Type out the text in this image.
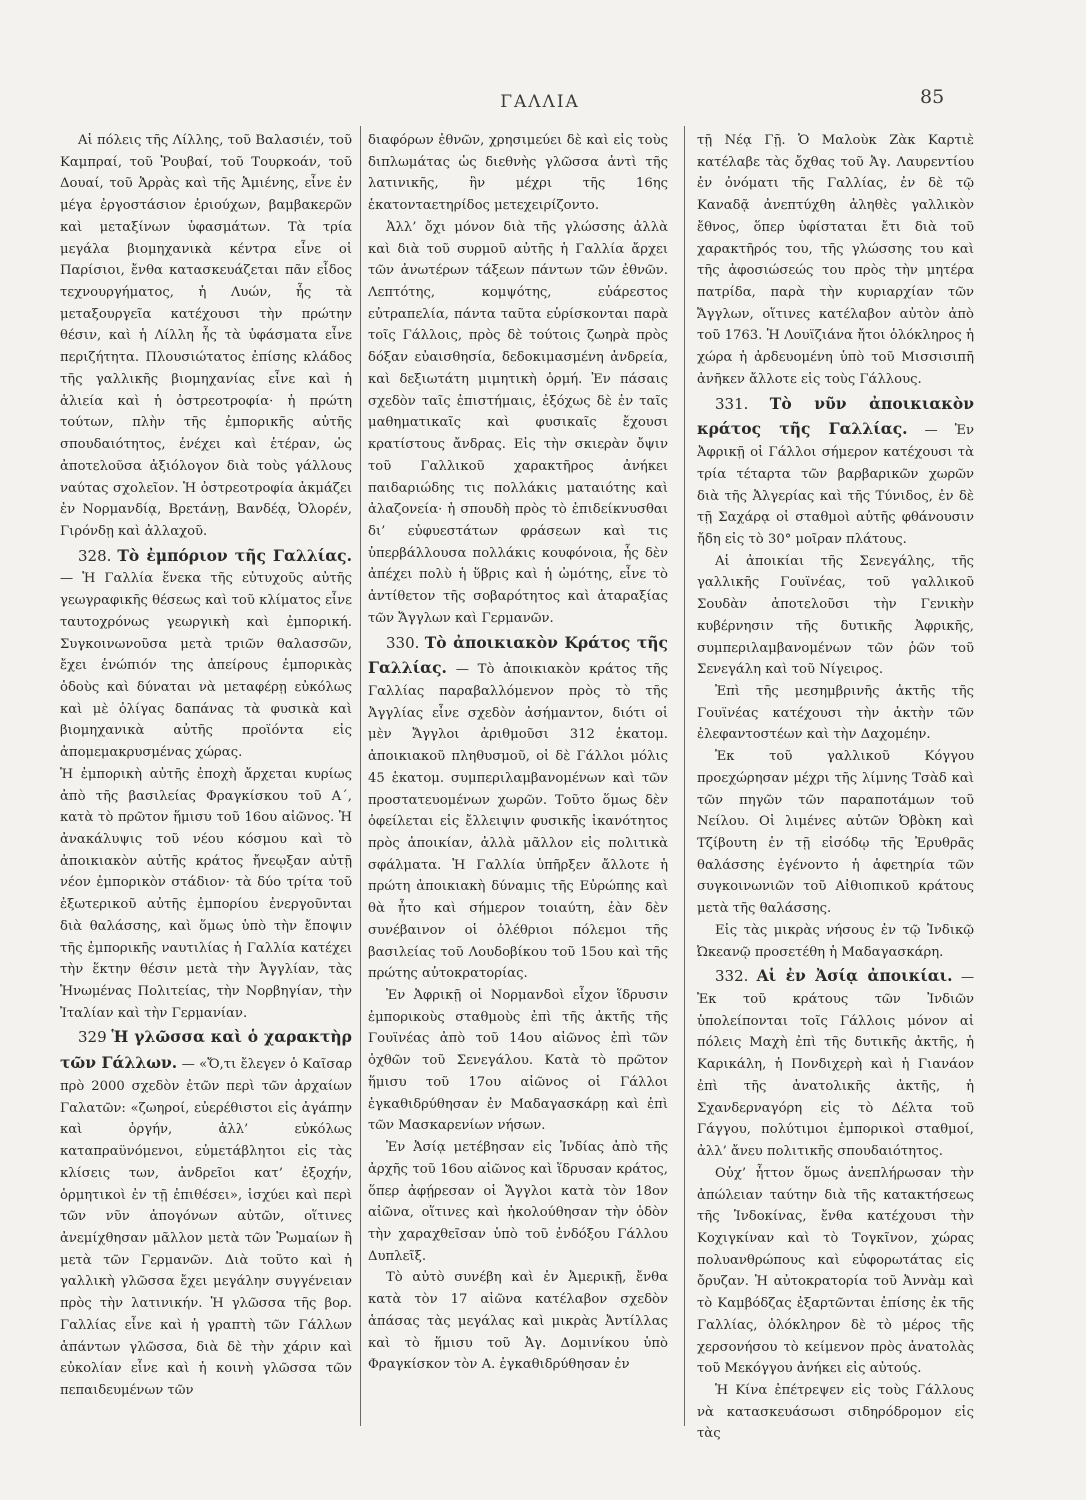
ΓΑΛΛΙΑ	85

Αἱ πόλεις τῆς Λίλλης, τοῦ Βαλασιέν, τοῦ Καμπραί, τοῦ Ῥουβαί, τοῦ Τουρκοάν, τοῦ Δουαί, τοῦ Ἀρρὰς καὶ τῆς Ἀμιένης, εἶνε ἐν μέγα ἐργοστάσιον ἐριούχων, βαμβακερῶν καὶ μεταξίνων ὑφασμάτων. Τὰ τρία μεγάλα βιομηχανικὰ κέντρα εἶνε οἱ Παρίσιοι, ἔνθα κατασκευάζεται πᾶν εἶδος τεχνουργήματος, ἡ Λυών, ἧς τὰ μεταξουργεῖα κατέχουσι τὴν πρώτην θέσιν, καὶ ἡ Λίλλη ἧς τὰ ὑφάσματα εἶνε περιζήτητα. Πλουσιώτατος ἐπίσης κλάδος τῆς γαλλικῆς βιομηχανίας εἶνε καὶ ἡ ἁλιεία καὶ ἡ ὀστρεοτροφία· ἡ πρώτη τούτων, πλὴν τῆς ἐμπορικῆς αὐτῆς σπουδαιότητος, ἐνέχει καὶ ἑτέραν, ὡς ἀποτελοῦσα ἀξιόλογον διὰ τοὺς γάλλους ναύτας σχολεῖον. Ἡ ὀστρεοτροφία ἀκμάζει ἐν Νορμανδίᾳ, Βρετάνῃ, Βανδέᾳ, Ὀλορέν, Γιρόνδῃ καὶ ἀλλαχοῦ.

328. Τὸ ἐμπόριον τῆς Γαλλίας. — Ἡ Γαλλία ἕνεκα τῆς εὐτυχοῦς αὐτῆς γεωγραφικῆς θέσεως καὶ τοῦ κλίματος εἶνε ταυτοχρόνως γεωργικὴ καὶ ἐμπορική. Συγκοινωνοῦσα μετὰ τριῶν θαλασσῶν, ἔχει ἐνώπιόν της ἀπείρους ἐμπορικὰς ὁδοὺς καὶ δύναται νὰ μεταφέρῃ εὐκόλως καὶ μὲ ὀλίγας δαπάνας τὰ φυσικὰ καὶ βιομηχανικὰ αὐτῆς προϊόντα εἰς ἀπομεμακρυσμένας χώρας.

Ἡ ἐμπορικὴ αὐτῆς ἐποχὴ ἄρχεται κυρίως ἀπὸ τῆς βασιλείας Φραγκίσκου τοῦ Α΄, κατὰ τὸ πρῶτον ἥμισυ τοῦ 16ου αἰῶνος. Ἡ ἀνακάλυψις τοῦ νέου κόσμου καὶ τὸ ἀποικιακὸν αὐτῆς κράτος ἤνεῳξαν αὐτῇ νέον ἐμπορικὸν στάδιον· τὰ δύο τρίτα τοῦ ἐξωτερικοῦ αὐτῆς ἐμπορίου ἐνεργοῦνται διὰ θαλάσσης, καὶ ὅμως ὑπὸ τὴν ἔποψιν τῆς ἐμπορικῆς ναυτιλίας ἡ Γαλλία κατέχει τὴν ἕκτην θέσιν μετὰ τὴν Ἀγγλίαν, τὰς Ἡνωμένας Πολιτείας, τὴν Νορβηγίαν, τὴν Ἰταλίαν καὶ τὴν Γερμανίαν.

329 Ἡ γλῶσσα καὶ ὁ χαρακτὴρ τῶν Γάλλων. — «Ὄ,τι ἔλεγεν ὁ Καῖσαρ πρὸ 2000 σχεδὸν ἐτῶν περὶ τῶν ἀρχαίων Γαλατῶν: «ζωηροί, εὐερέθιστοι εἰς ἀγάπην καὶ ὀργήν, ἀλλ’ εὐκόλως καταπραϋνόμενοι, εὐμετάβλητοι εἰς τὰς κλίσεις των, ἀνδρεῖοι κατ’ ἐξοχήν, ὁρμητικοὶ ἐν τῇ ἐπιθέσει», ἰσχύει καὶ περὶ τῶν νῦν ἀπογόνων αὐτῶν, οἵτινες ἀνεμίχθησαν μᾶλλον μετὰ τῶν Ῥωμαίων ἢ μετὰ τῶν Γερμανῶν. Διὰ τοῦτο καὶ ἡ γαλλικὴ γλῶσσα ἔχει μεγάλην συγγένειαν πρὸς τὴν λατινικήν. Ἡ γλῶσσα τῆς βορ. Γαλλίας εἶνε καὶ ἡ γραπτὴ τῶν Γάλλων ἁπάντων γλῶσσα, διὰ δὲ τὴν χάριν καὶ εὐκολίαν εἶνε καὶ ἡ κοινὴ γλῶσσα τῶν πεπαιδευμένων τῶν

διαφόρων ἐθνῶν, χρησιμεύει δὲ καὶ εἰς τοὺς διπλωμάτας ὡς διεθνὴς γλῶσσα ἀντὶ τῆς λατινικῆς, ἣν μέχρι τῆς 16ης ἑκατονταετηρίδος μετεχειρίζοντο.

Ἀλλ’ ὄχι μόνον διὰ τῆς γλώσσης ἀλλὰ καὶ διὰ τοῦ συρμοῦ αὐτῆς ἡ Γαλλία ἄρχει τῶν ἀνωτέρων τάξεων πάντων τῶν ἐθνῶν. Λεπτότης, κομψότης, εὐάρεστος εὐτραπελία, πάντα ταῦτα εὑρίσκονται παρὰ τοῖς Γάλλοις, πρὸς δὲ τούτοις ζωηρὰ πρὸς δόξαν εὐαισθησία, δεδοκιμασμένη ἀνδρεία, καὶ δεξιωτάτη μιμητικὴ ὁρμή. Ἐν πάσαις σχεδὸν ταῖς ἐπιστήμαις, ἐξόχως δὲ ἐν ταῖς μαθηματικαῖς καὶ φυσικαῖς ἔχουσι κρατίστους ἄνδρας. Εἰς τὴν σκιερὰν ὄψιν τοῦ Γαλλικοῦ χαρακτῆρος ἀνήκει παιδαριώδης τις πολλάκις ματαιότης καὶ ἀλαζονεία· ἡ σπουδὴ πρὸς τὸ ἐπιδείκνυσθαι δι’ εὐφυεστάτων φράσεων καὶ τις ὑπερβάλλουσα πολλάκις κουφόνοια, ἧς δὲν ἀπέχει πολὺ ἡ ὕβρις καὶ ἡ ὠμότης, εἶνε τὸ ἀντίθετον τῆς σοβαρότητος καὶ ἀταραξίας τῶν Ἄγγλων καὶ Γερμανῶν.

330. Τὸ ἀποικιακὸν Κράτος τῆς Γαλλίας. — Τὸ ἀποικιακὸν κράτος τῆς Γαλλίας παραβαλλόμενον πρὸς τὸ τῆς Ἀγγλίας εἶνε σχεδὸν ἀσήμαντον, διότι οἱ μὲν Ἄγγλοι ἀριθμοῦσι 312 ἑκατομ. ἀποικιακοῦ πληθυσμοῦ, οἱ δὲ Γάλλοι μόλις 45 ἑκατομ. συμπεριλαμβανομένων καὶ τῶν προστατευομένων χωρῶν. Τοῦτο ὅμως δὲν ὀφείλεται εἰς ἔλλειψιν φυσικῆς ἱκανότητος πρὸς ἀποικίαν, ἀλλὰ μᾶλλον εἰς πολιτικὰ σφάλματα. Ἡ Γαλλία ὑπῆρξεν ἄλλοτε ἡ πρώτη ἀποικιακὴ δύναμις τῆς Εὐρώπης καὶ θὰ ἦτο καὶ σήμερον τοιαύτη, ἐὰν δὲν συνέβαινον οἱ ὀλέθριοι πόλεμοι τῆς βασιλείας τοῦ Λουδοβίκου τοῦ 15ου καὶ τῆς πρώτης αὐτοκρατορίας.

Ἐν Ἀφρικῇ οἱ Νορμανδοὶ εἶχον ἵδρυσιν ἐμπορικοὺς σταθμοὺς ἐπὶ τῆς ἀκτῆς τῆς Γουϊνέας ἀπὸ τοῦ 14ου αἰῶνος ἐπὶ τῶν ὀχθῶν τοῦ Σενεγάλου. Κατὰ τὸ πρῶτον ἥμισυ τοῦ 17ου αἰῶνος οἱ Γάλλοι ἐγκαθιδρύθησαν ἐν Μαδαγασκάρῃ καὶ ἐπὶ τῶν Μασκαρενίων νήσων.

Ἐν Ἀσίᾳ μετέβησαν εἰς Ἰνδίας ἀπὸ τῆς ἀρχῆς τοῦ 16ου αἰῶνος καὶ ἵδρυσαν κράτος, ὅπερ ἀφῄρεσαν οἱ Ἄγγλοι κατὰ τὸν 18ον αἰῶνα, οἵτινες καὶ ἠκολούθησαν τὴν ὁδὸν τὴν χαραχθεῖσαν ὑπὸ τοῦ ἐνδόξου Γάλλου Δυπλεῖξ.

Τὸ αὐτὸ συνέβη καὶ ἐν Ἀμερικῇ, ἔνθα κατὰ τὸν 17 αἰῶνα κατέλαβον σχεδὸν ἁπάσας τὰς μεγάλας καὶ μικρὰς Ἀντίλλας καὶ τὸ ἥμισυ τοῦ Ἀγ. Δομινίκου ὑπὸ Φραγκίσκον τὸν Α. ἐγκαθιδρύθησαν ἐν

τῇ Νέᾳ Γῇ. Ὁ Μαλοὺκ Ζὰκ Καρτιὲ κατέλαβε τὰς ὄχθας τοῦ Ἀγ. Λαυρεντίου ἐν ὀνόματι τῆς Γαλλίας, ἐν δὲ τῷ Καναδᾷ ἀνεπτύχθη ἀληθὲς γαλλικὸν ἔθνος, ὅπερ ὑφίσταται ἔτι διὰ τοῦ χαρακτῆρός του, τῆς γλώσσης του καὶ τῆς ἀφοσιώσεώς του πρὸς τὴν μητέρα πατρίδα, παρὰ τὴν κυριαρχίαν τῶν Ἄγγλων, οἵτινες κατέλαβον αὐτὸν ἀπὸ τοῦ 1763. Ἡ Λουϊζιάνα ἤτοι ὁλόκληρος ἡ χώρα ἡ ἀρδευομένη ὑπὸ τοῦ Μισσισιπῆ ἀνῆκεν ἄλλοτε εἰς τοὺς Γάλλους.

331. Τὸ νῦν ἀποικιακὸν κράτος τῆς Γαλλίας. — Ἐν Ἀφρικῇ οἱ Γάλλοι σήμερον κατέχουσι τὰ τρία τέταρτα τῶν βαρβαρικῶν χωρῶν διὰ τῆς Ἀλγερίας καὶ τῆς Τύνιδος, ἐν δὲ τῇ Σαχάρᾳ οἱ σταθμοὶ αὐτῆς φθάνουσιν ἤδη εἰς τὸ 30° μοῖραν πλάτους.

Αἱ ἀποικίαι τῆς Σενεγάλης, τῆς γαλλικῆς Γουϊνέας, τοῦ γαλλικοῦ Σουδὰν ἀποτελοῦσι τὴν Γενικὴν κυβέρνησιν τῆς δυτικῆς Ἀφρικῆς, συμπεριλαμβανομένων τῶν ῥῶν τοῦ Σενεγάλη καὶ τοῦ Νίγειρος.

Ἐπὶ τῆς μεσημβρινῆς ἀκτῆς τῆς Γουϊνέας κατέχουσι τὴν ἀκτὴν τῶν ἐλεφαντοστέων καὶ τὴν Δαχομέην.

Ἐκ τοῦ γαλλικοῦ Κόγγου προεχώρησαν μέχρι τῆς λίμνης Τσὰδ καὶ τῶν πηγῶν τῶν παραποτάμων τοῦ Νείλου. Οἱ λιμένες αὐτῶν Ὀβὸκη καὶ Τζίβουτη ἐν τῇ εἰσόδῳ τῆς Ἐρυθρᾶς θαλάσσης ἐγένοντο ἡ ἀφετηρία τῶν συγκοινωνιῶν τοῦ Αἰθιοπικοῦ κράτους μετὰ τῆς θαλάσσης.

Εἰς τὰς μικρὰς νήσους ἐν τῷ Ἰνδικῷ Ὠκεανῷ προσετέθη ἡ Μαδαγασκάρη.

332. Αἱ ἐν Ἀσίᾳ ἀποικίαι. — Ἐκ τοῦ κράτους τῶν Ἰνδιῶν ὑπολείπονται τοῖς Γάλλοις μόνον αἱ πόλεις Μαχὴ ἐπὶ τῆς δυτικῆς ἀκτῆς, ἡ Καρικάλη, ἡ Πονδιχερὴ καὶ ἡ Γιανάον ἐπὶ τῆς ἀνατολικῆς ἀκτῆς, ἡ Σχανδερναγόρη εἰς τὸ Δέλτα τοῦ Γάγγου, πολύτιμοι ἐμπορικοὶ σταθμοί, ἀλλ’ ἄνευ πολιτικῆς σπουδαιότητος.

Οὐχ’ ἧττον ὅμως ἀνεπλήρωσαν τὴν ἀπώλειαν ταύτην διὰ τῆς κατακτήσεως τῆς Ἰνδοκίνας, ἔνθα κατέχουσι τὴν Κοχιγκίναν καὶ τὸ Τογκῖνον, χώρας πολυανθρώπους καὶ εὐφορωτάτας εἰς ὄρυζαν. Ἡ αὐτοκρατορία τοῦ Ἀννὰμ καὶ τὸ Καμβόδζας ἐξαρτῶνται ἐπίσης ἐκ τῆς Γαλλίας, ὁλόκληρον δὲ τὸ μέρος τῆς χερσονήσου τὸ κείμενον πρὸς ἀνατολὰς τοῦ Μεκόγγου ἀνήκει εἰς αὐτούς.

Ἡ Κίνα ἐπέτρεψεν εἰς τοὺς Γάλλους νὰ κατασκευάσωσι σιδηρόδρομον εἰς τὰς
